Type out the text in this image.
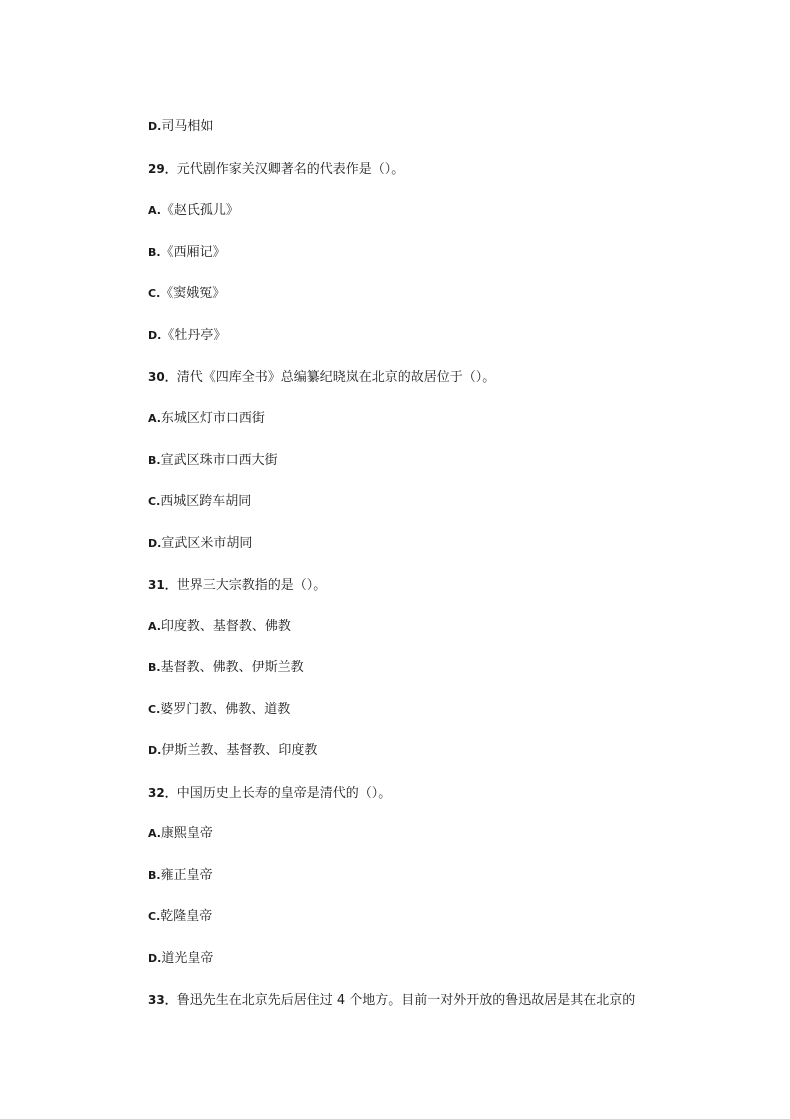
D.司马相如
29．元代剧作家关汉卿著名的代表作是（）。
A.《赵氏孤儿》
B.《西厢记》
C.《窦娥冤》
D.《牡丹亭》
30．清代《四库全书》总编纂纪晓岚在北京的故居位于（）。
A.东城区灯市口西街
B.宣武区珠市口西大街
C.西城区跨车胡同
D.宣武区米市胡同
31．世界三大宗教指的是（）。
A.印度教、基督教、佛教
B.基督教、佛教、伊斯兰教
C.婆罗门教、佛教、道教
D.伊斯兰教、基督教、印度教
32．中国历史上长寿的皇帝是清代的（）。
A.康熙皇帝
B.雍正皇帝
C.乾隆皇帝
D.道光皇帝
33．鲁迅先生在北京先后居住过 4 个地方。目前一对外开放的鲁迅故居是其在北京的
